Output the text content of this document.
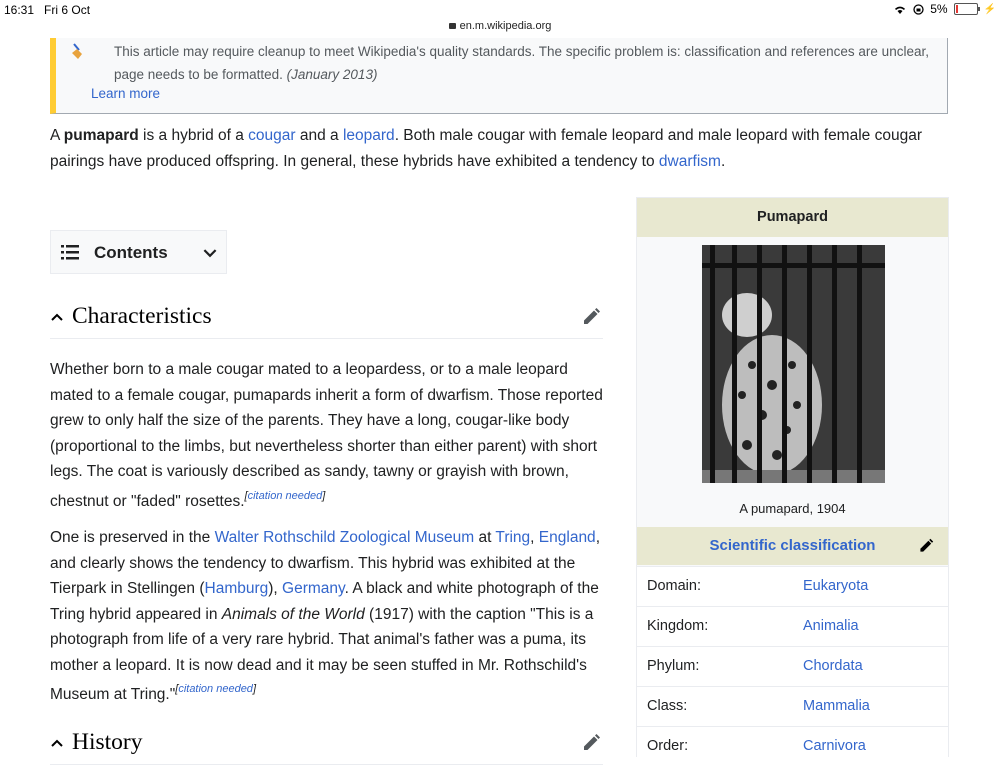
16:31 Fri 6 Oct
en.m.wikipedia.org
5%	⚡
This article may require cleanup to meet Wikipedia's quality standards. The specific problem is: classification and references are unclear, page needs to be formatted. (January 2013)
Learn more
A pumapard is a hybrid of a cougar and a leopard. Both male cougar with female leopard and male leopard with female cougar pairings have produced offspring. In general, these hybrids have exhibited a tendency to dwarfism.
Contents
Characteristics
Whether born to a male cougar mated to a leopardess, or to a male leopard mated to a female cougar, pumapards inherit a form of dwarfism. Those reported grew to only half the size of the parents. They have a long, cougar-like body (proportional to the limbs, but nevertheless shorter than either parent) with short legs. The coat is variously described as sandy, tawny or grayish with brown, chestnut or "faded" rosettes.[citation needed]
One is preserved in the Walter Rothschild Zoological Museum at Tring, England, and clearly shows the tendency to dwarfism. This hybrid was exhibited at the Tierpark in Stellingen (Hamburg), Germany. A black and white photograph of the Tring hybrid appeared in Animals of the World (1917) with the caption "This is a photograph from life of a very rare hybrid. That animal's father was a puma, its mother a leopard. It is now dead and it may be seen stuffed in Mr. Rothschild's Museum at Tring."[citation needed]
History
Pumapard
A pumapard, 1904
Scientific classification
Domain:	Eukaryota
Kingdom:	Animalia
Phylum:	Chordata
Class:	Mammalia
Order:	Carnivora
